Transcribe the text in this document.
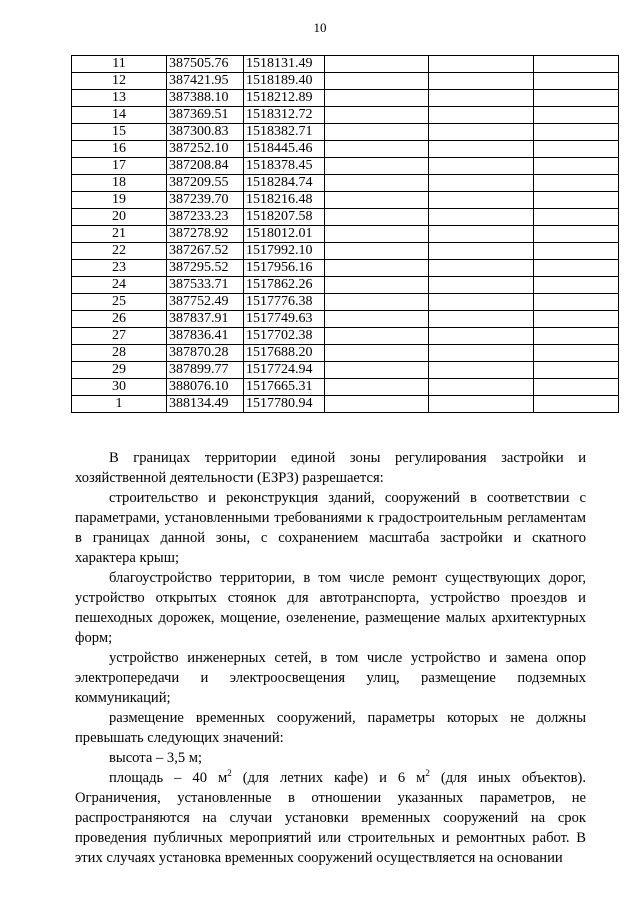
10
11	387505.76	1518131.49			
12	387421.95	1518189.40			
13	387388.10	1518212.89			
14	387369.51	1518312.72			
15	387300.83	1518382.71			
16	387252.10	1518445.46			
17	387208.84	1518378.45			
18	387209.55	1518284.74			
19	387239.70	1518216.48			
20	387233.23	1518207.58			
21	387278.92	1518012.01			
22	387267.52	1517992.10			
23	387295.52	1517956.16			
24	387533.71	1517862.26			
25	387752.49	1517776.38			
26	387837.91	1517749.63			
27	387836.41	1517702.38			
28	387870.28	1517688.20			
29	387899.77	1517724.94			
30	388076.10	1517665.31			
1	388134.49	1517780.94			

В границах территории единой зоны регулирования застройки и хозяйственной деятельности (ЕЗРЗ) разрешается:

строительство и реконструкция зданий, сооружений в соответствии с параметрами, установленными требованиями к градостроительным регламентам в границах данной зоны, с сохранением масштаба застройки и скатного характера крыш;

благоустройство территории, в том числе ремонт существующих дорог, устройство открытых стоянок для автотранспорта, устройство проездов и пешеходных дорожек, мощение, озеленение, размещение малых архитектурных форм;

устройство инженерных сетей, в том числе устройство и замена опор электропередачи и электроосвещения улиц, размещение подземных коммуникаций;

размещение временных сооружений, параметры которых не должны превышать следующих значений:

высота – 3,5 м;

площадь – 40 $м^2$ (для летних кафе) и 6 $м^2$ (для иных объектов). Ограничения, установленные в отношении указанных параметров, не распространяются на случаи установки временных сооружений на срок проведения публичных мероприятий или строительных и ремонтных работ. В этих случаях установка временных сооружений осуществляется на основании
